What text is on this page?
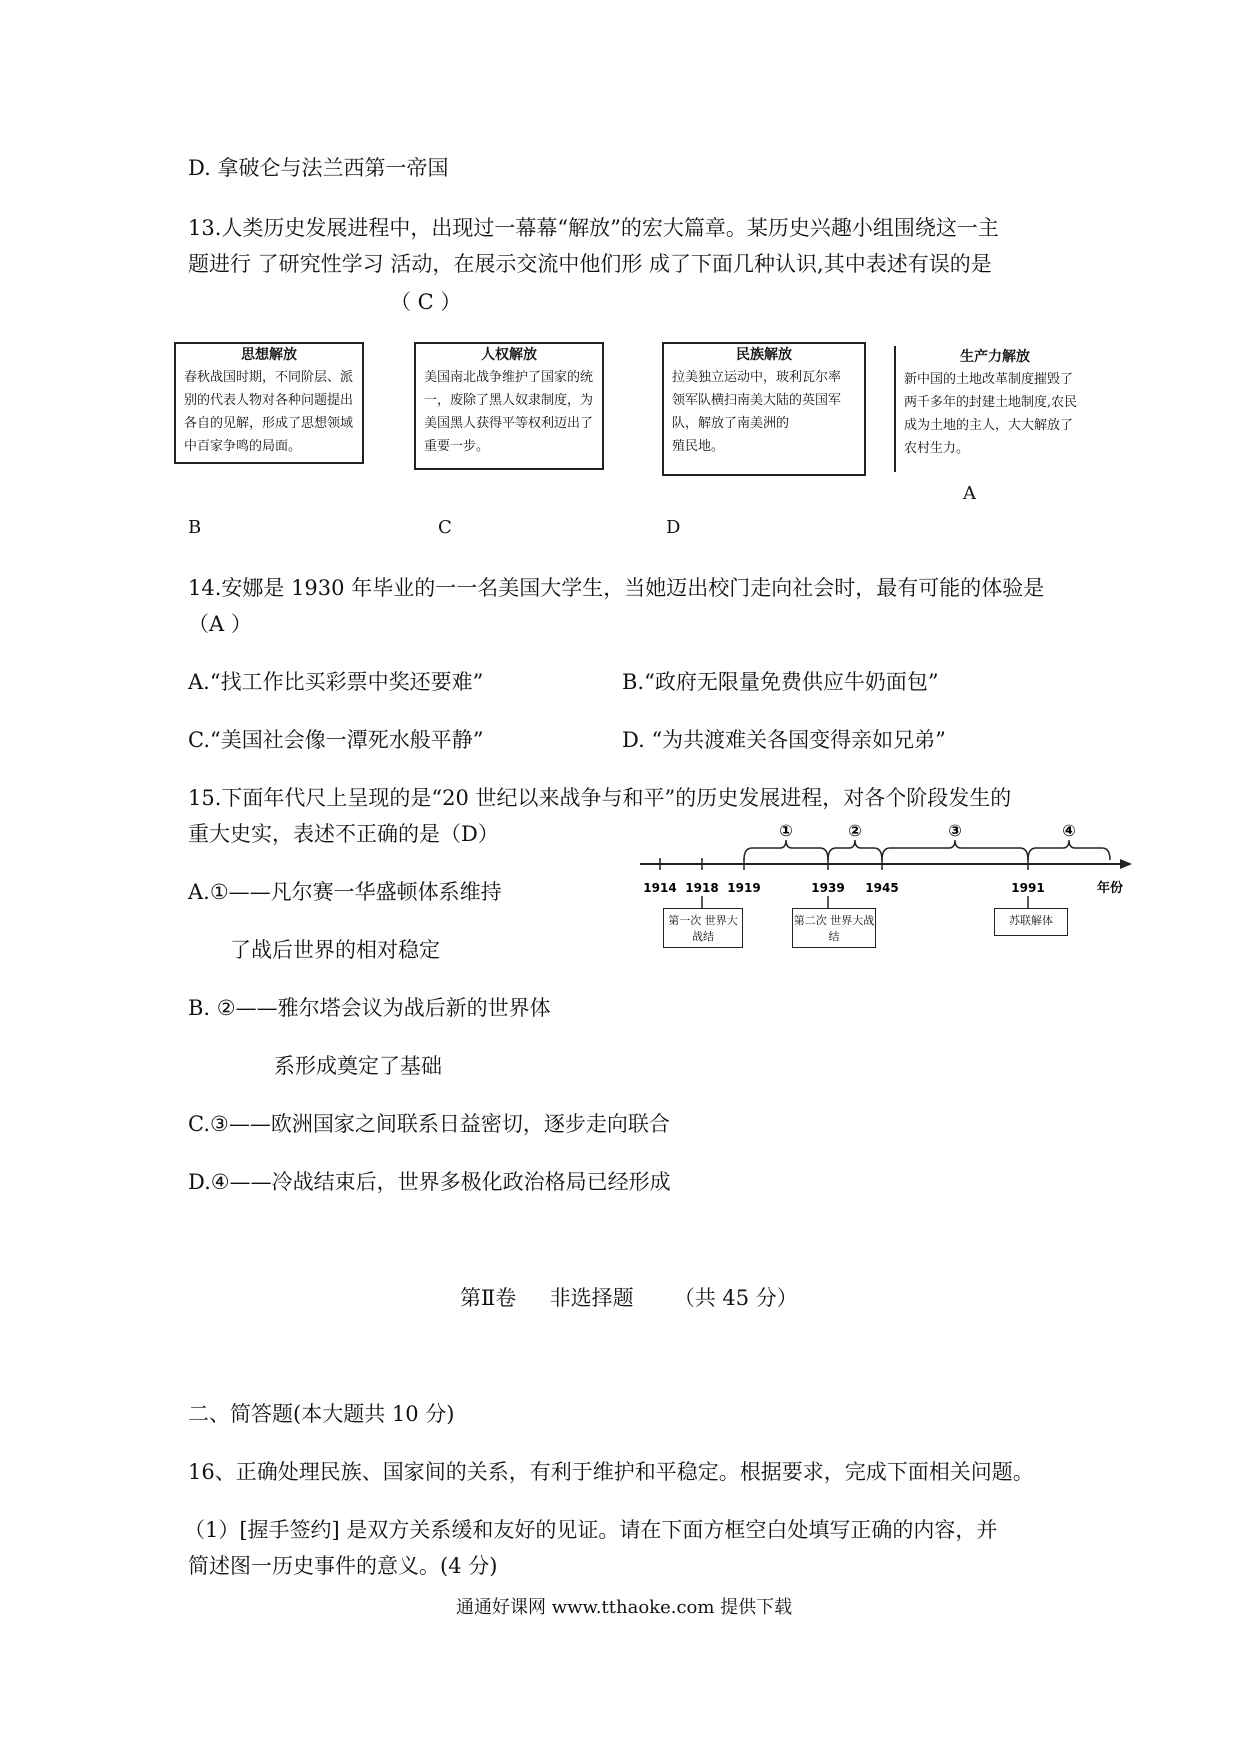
D. 拿破仑与法兰西第一帝国
13.人类历史发展进程中，出现过一幕幕“解放”的宏大篇章。某历史兴趣小组围绕这一主
题进行 了研究性学习 活动，在展示交流中他们形 成了下面几种认识,其中表述有误的是
（ C ）
思想解放
春秋战国时期，不同阶层、派
别的代表人物对各种问题提出
各自的见解，形成了思想领域
中百家争鸣的局面。
人权解放
美国南北战争维护了国家的统
一，废除了黑人奴隶制度，为
美国黑人获得平等权利迈出了
重要一步。
民族解放
拉美独立运动中，玻利瓦尔率
领军队横扫南美大陆的英国军
队，解放了南美洲的
殖民地。
生产力解放
新中国的土地改革制度摧毁了
两千多年的封建土地制度,农民
成为土地的主人，大大解放了
农村生力。
A
B	C	D
14.安娜是 1930 年毕业的一一名美国大学生，当她迈出校门走向社会时，最有可能的体验是
（A ）
A.“找工作比买彩票中奖还要难”	B.“政府无限量免费供应牛奶面包”
C.“美国社会像一潭死水般平静”	D. “为共渡难关各国变得亲如兄弟”
15.下面年代尺上呈现的是“20 世纪以来战争与和平”的历史发展进程，对各个阶段发生的
重大史实，表述不正确的是（D）
1914 1918 1919	1939 1945	1991
①	②	③	④
年份
第一次 世界大战结
第二次 世界大战结
苏联解体
A.①——凡尔赛一华盛顿体系维持
了战后世界的相对稳定
B. ②——雅尔塔会议为战后新的世界体
系形成奠定了基础
C.③——欧洲国家之间联系日益密切，逐步走向联合
D.④——冷战结束后，世界多极化政治格局已经形成
第Ⅱ卷     非选择题      （共 45 分）
二、简答题(本大题共 10 分)
16、正确处理民族、国家间的关系，有利于维护和平稳定。根据要求，完成下面相关问题。
（1）[握手签约] 是双方关系缓和友好的见证。请在下面方框空白处填写正确的内容，并
简述图一历史事件的意义。(4 分)
通通好课网 www.tthaoke.com 提供下载
